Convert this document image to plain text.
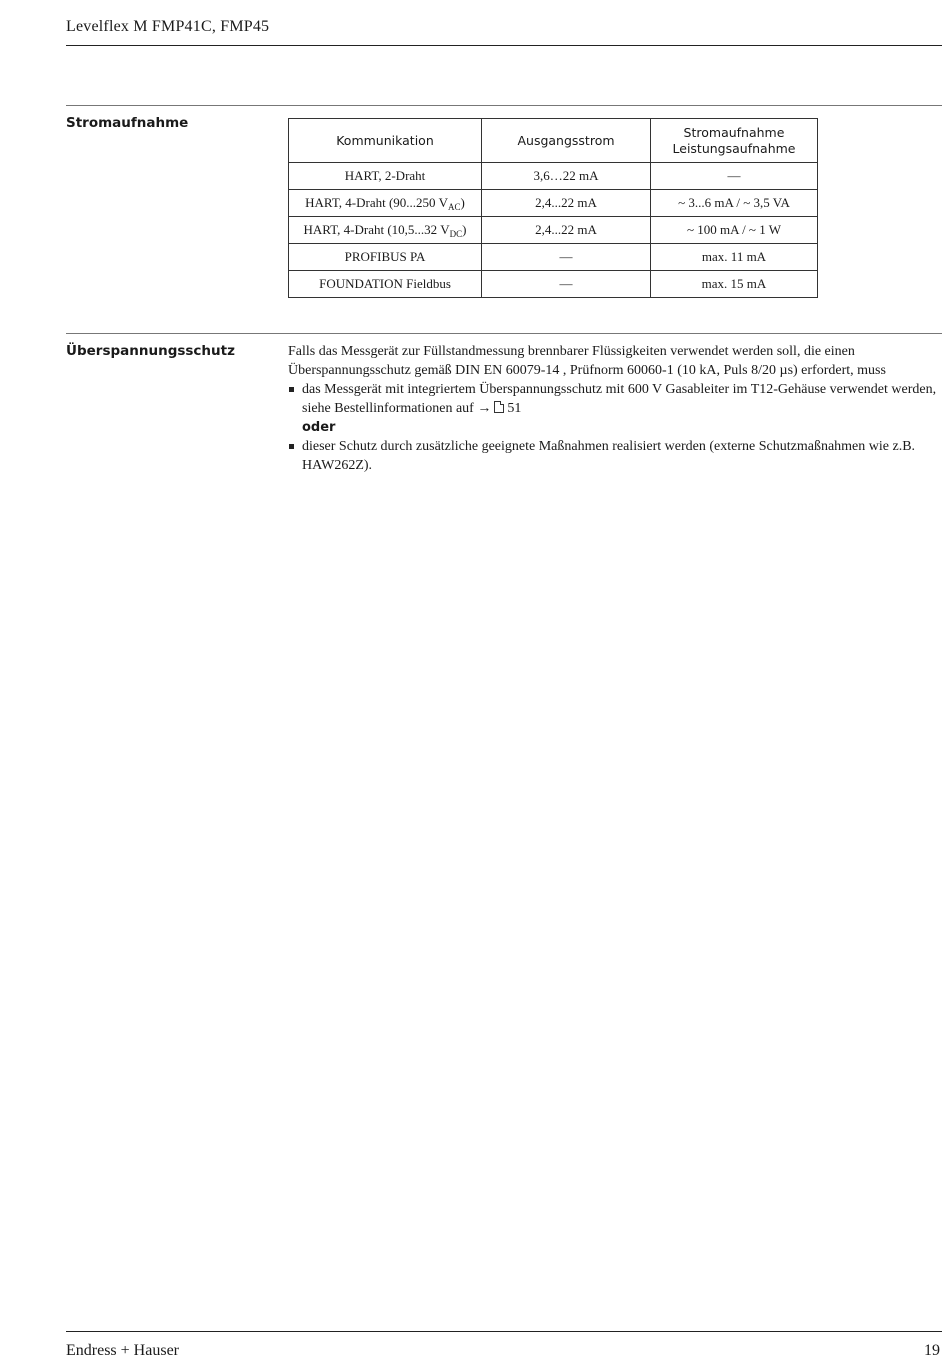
Levelflex M FMP41C, FMP45
Stromaufnahme
Kommunikation	Ausgangsstrom	Stromaufnahme
Leistungsaufnahme
HART, 2-Draht	3,6…22 mA	—
HART, 4-Draht (90...250 $V_{AC}$)	2,4...22 mA	~ 3...6 mA / ~ 3,5 VA
HART, 4-Draht (10,5...32 $V_{DC}$)	2,4...22 mA	~ 100 mA / ~ 1 W
PROFIBUS PA	—	max. 11 mA
FOUNDATION Fieldbus	—	max. 15 mA
Überspannungsschutz	Falls das Messgerät zur Füllstandmessung brennbarer Flüssigkeiten verwendet werden soll, die einen Überspannungsschutz gemäß DIN EN 60079-14 , Prüfnorm 60060-1 (10 kA, Puls 8/20 µs) erfordert, muss

das Messgerät mit integriertem Überspannungsschutz mit 600 V Gasableiter im T12-Gehäuse verwendet werden, siehe Bestellinformationen auf → 51
oder
dieser Schutz durch zusätzliche geeignete Maßnahmen realisiert werden (externe Schutzmaßnahmen wie z.B. HAW262Z).
Endress + Hauser	19
